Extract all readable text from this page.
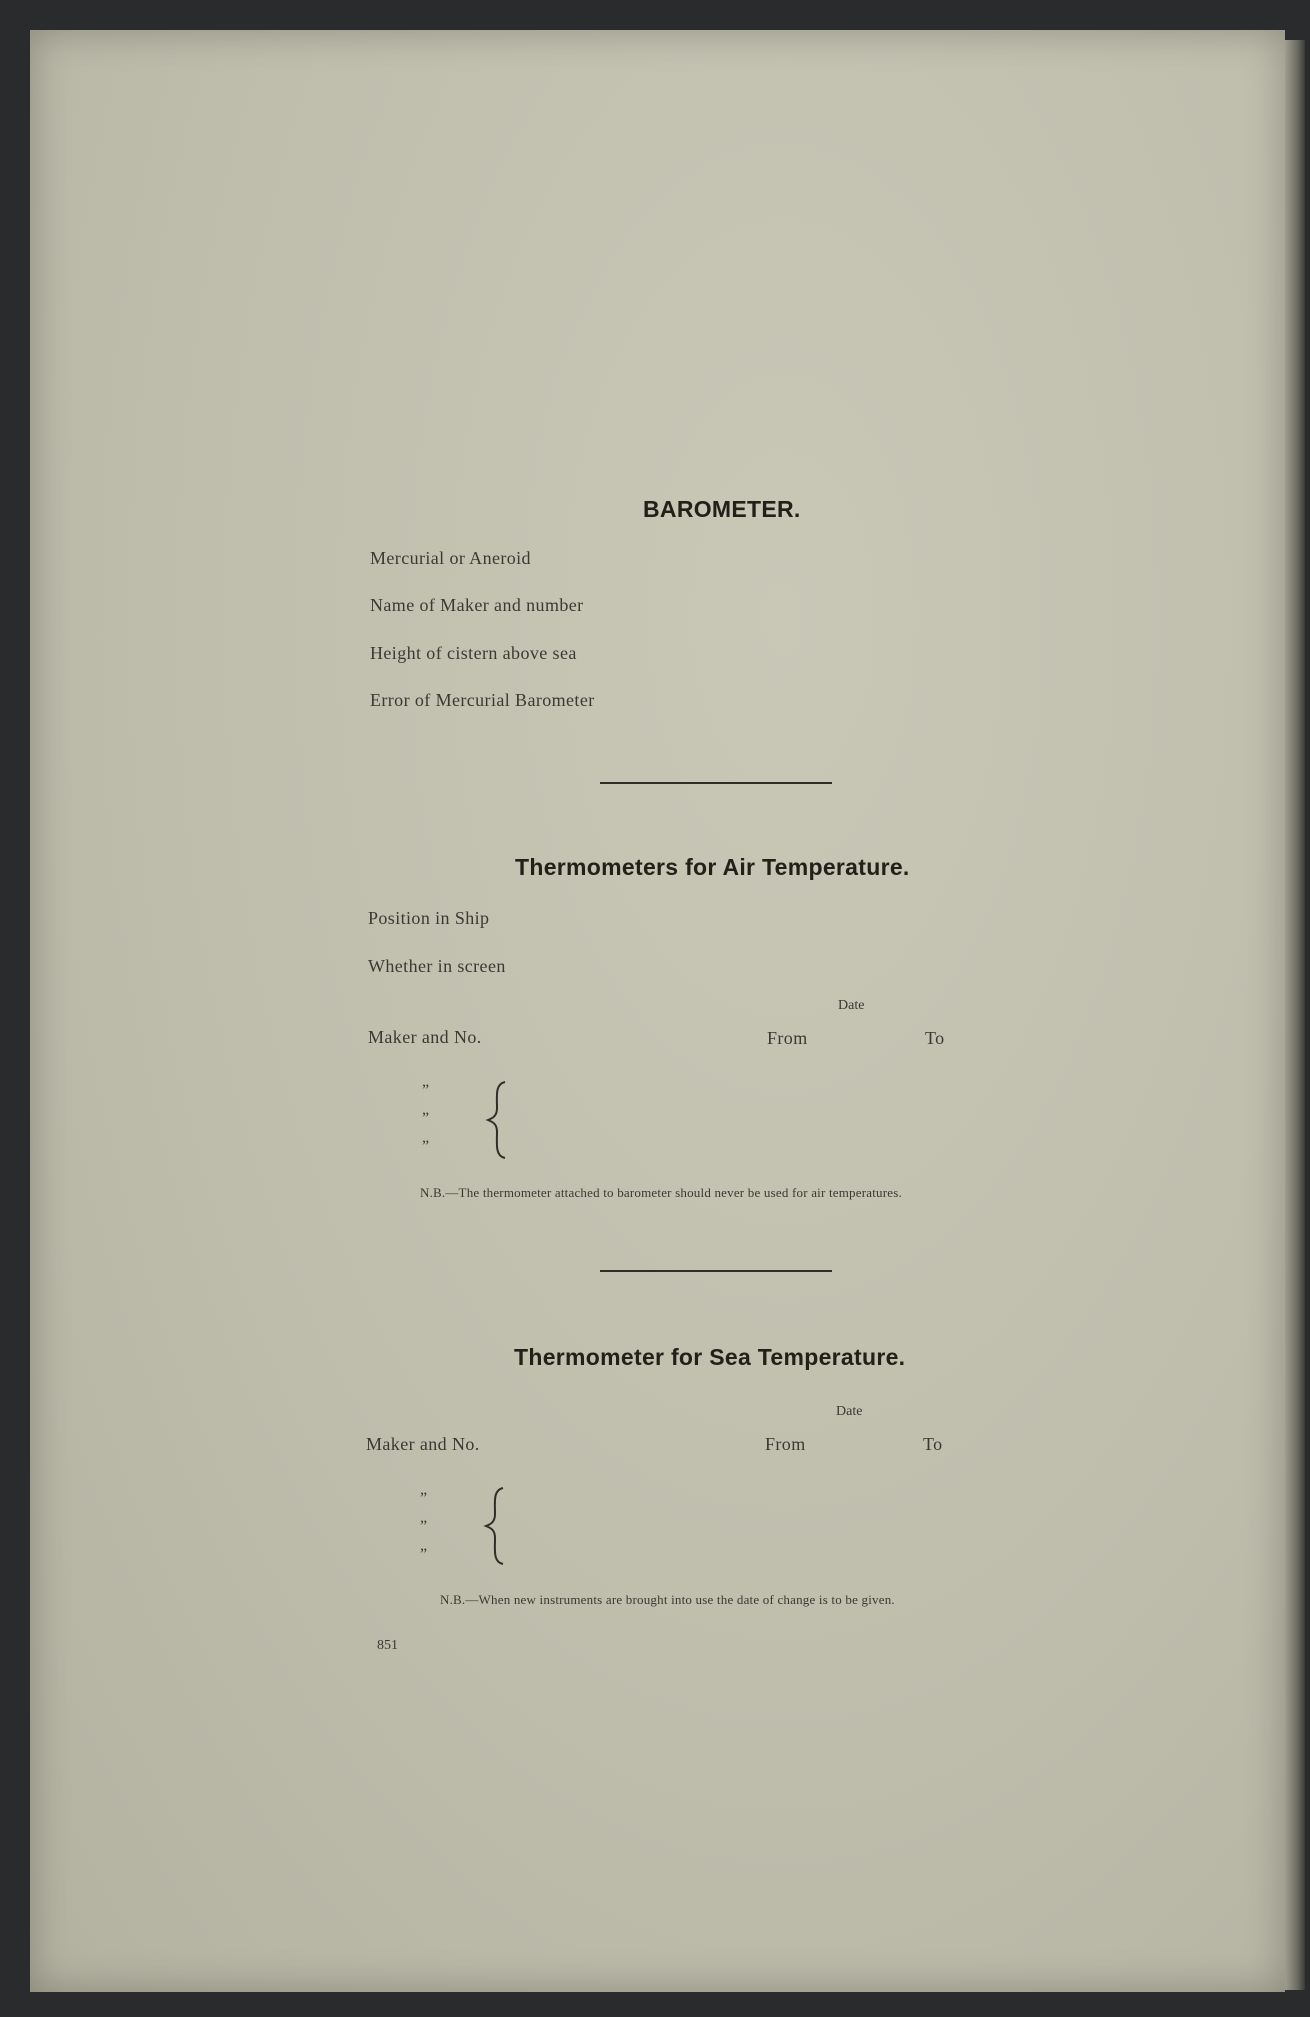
BAROMETER.
Mercurial or Aneroid
Name of Maker and number
Height of cistern above sea
Error of Mercurial Barometer
Thermometers for Air Temperature.
Position in Ship
Whether in screen
Date
Maker and No.	From	To
”
”
”
N.B.—The thermometer attached to barometer should never be used for air temperatures.
Thermometer for Sea Temperature.
Date
Maker and No.	From	To
”
”
”
N.B.—When new instruments are brought into use the date of change is to be given.
851
